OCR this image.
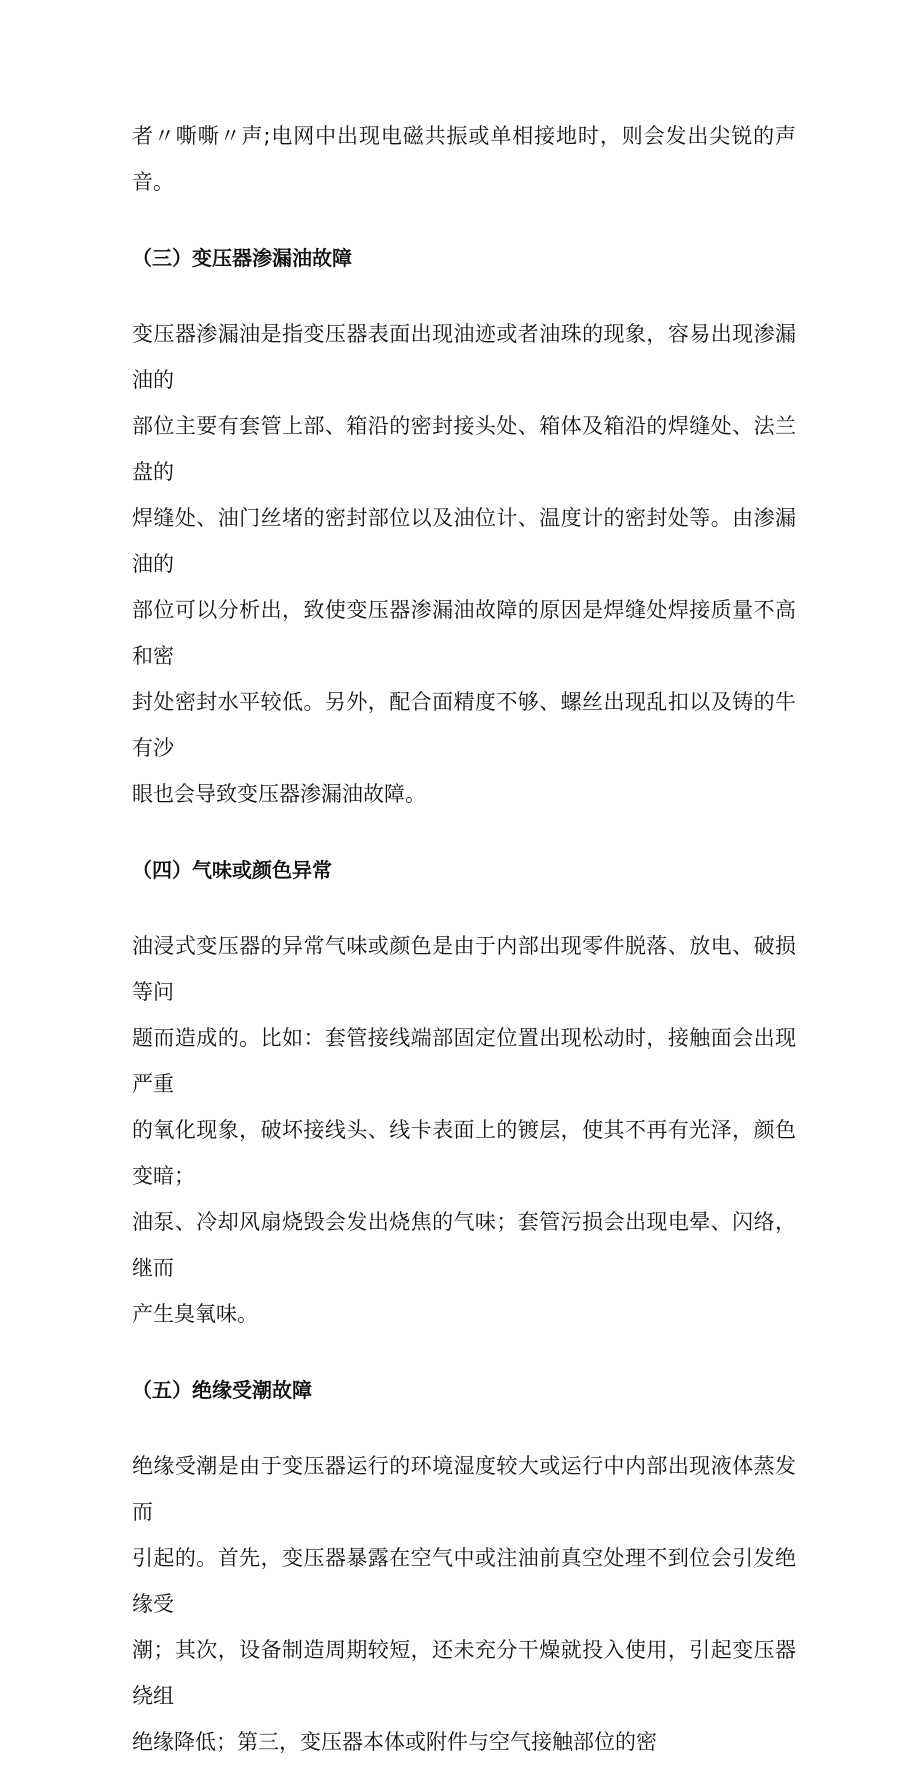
者〃嘶嘶〃声;电网中出现电磁共振或单相接地时，则会发出尖锐的声音。

（三）变压器渗漏油故障

变压器渗漏油是指变压器表面出现油迹或者油珠的现象，容易出现渗漏油的
部位主要有套管上部、箱沿的密封接头处、箱体及箱沿的焊缝处、法兰盘的
焊缝处、油门丝堵的密封部位以及油位计、温度计的密封处等。由渗漏油的
部位可以分析出，致使变压器渗漏油故障的原因是焊缝处焊接质量不高和密
封处密封水平较低。另外，配合面精度不够、螺丝出现乱扣以及铸的牛有沙
眼也会导致变压器渗漏油故障。

（四）气味或颜色异常

油浸式变压器的异常气味或颜色是由于内部出现零件脱落、放电、破损等问
题而造成的。比如：套管接线端部固定位置出现松动时，接触面会出现严重
的氧化现象，破坏接线头、线卡表面上的镀层，使其不再有光泽，颜色变暗；
油泵、冷却风扇烧毁会发出烧焦的气味；套管污损会出现电晕、闪络，继而
产生臭氧味。

（五）绝缘受潮故障

绝缘受潮是由于变压器运行的环境湿度较大或运行中内部出现液体蒸发而
引起的。首先，变压器暴露在空气中或注油前真空处理不到位会引发绝缘受
潮；其次，设备制造周期较短，还未充分干燥就投入使用，引起变压器绕组
绝缘降低；第三，变压器本体或附件与空气接触部位的密
